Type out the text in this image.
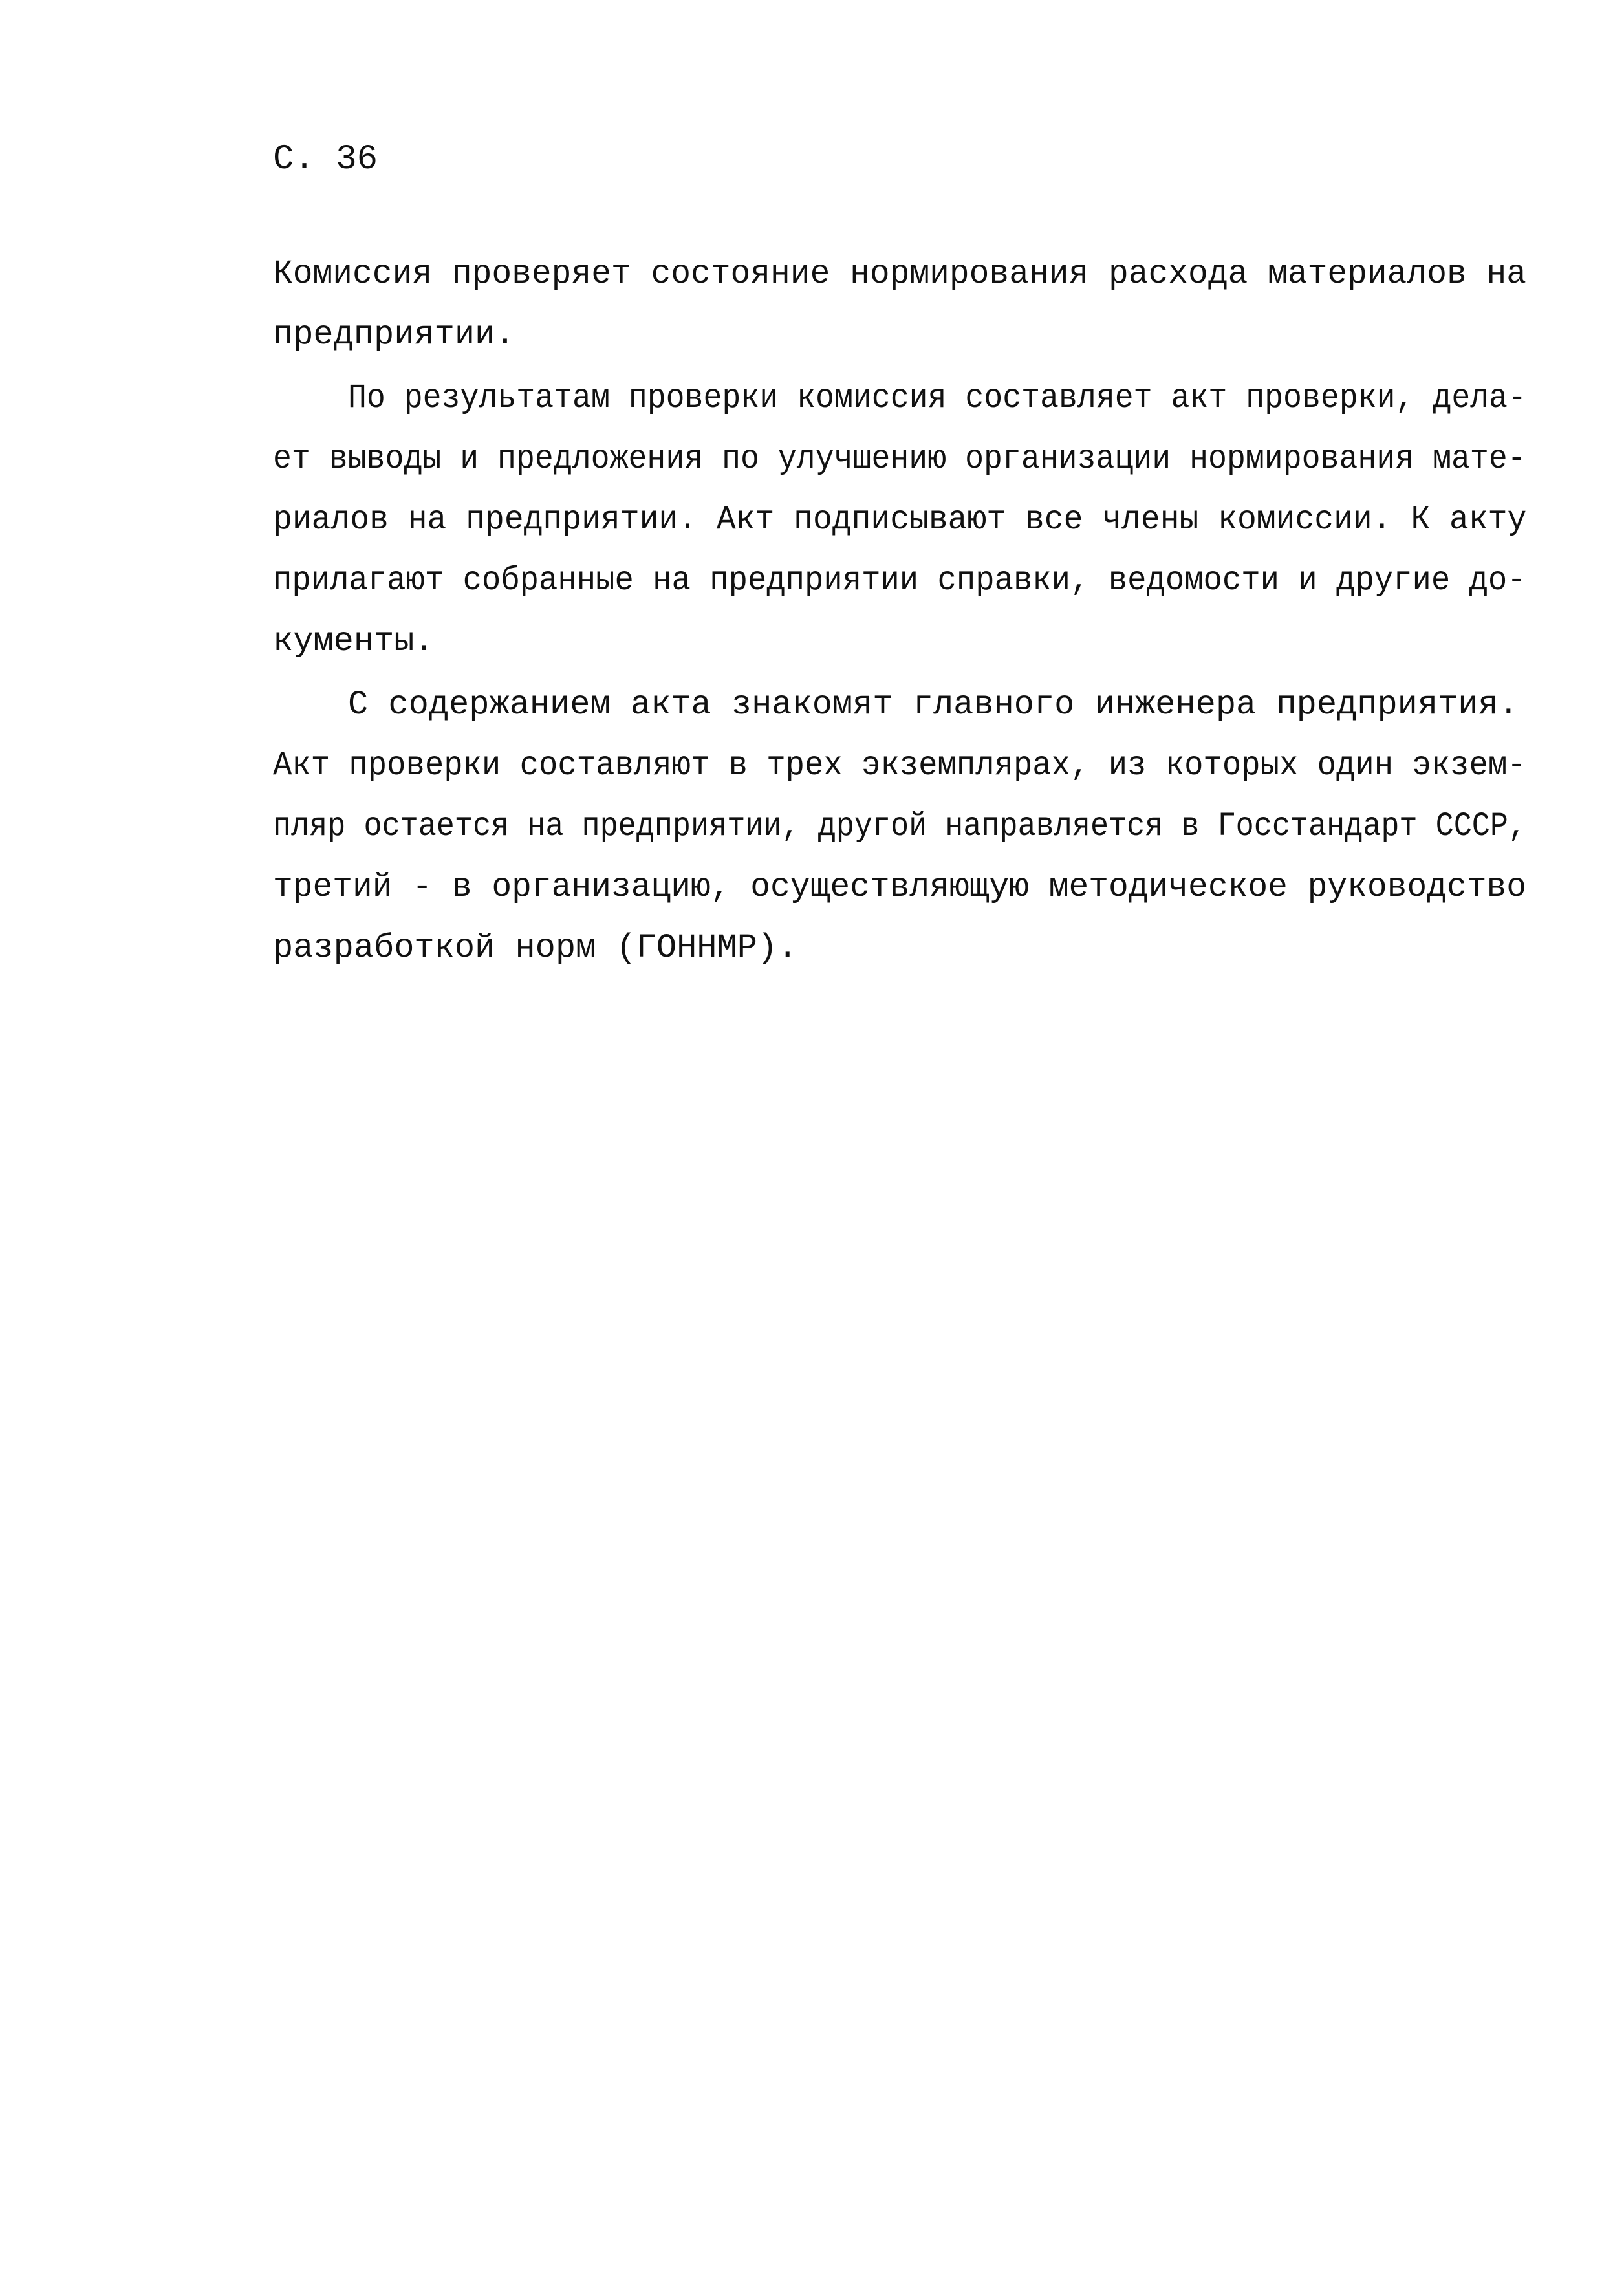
С. 36
Комиссия проверяет состояние нормирования расхода материалов на
предприятии.
По результатам проверки комиссия составляет акт проверки, дела-
ет выводы и предложения по улучшению организации нормирования мате-
риалов на предприятии. Акт подписывают все члены комиссии. К акту
прилагают собранные на предприятии справки, ведомости и другие до-
кументы.
С содержанием акта знакомят главного инженера предприятия.
Акт проверки составляют в трех экземплярах, из которых один экзем-
пляр остается на предприятии, другой направляется в Госстандарт СССР,
третий - в организацию, осуществляющую методическое руководство
разработкой норм (ГОННМР).
